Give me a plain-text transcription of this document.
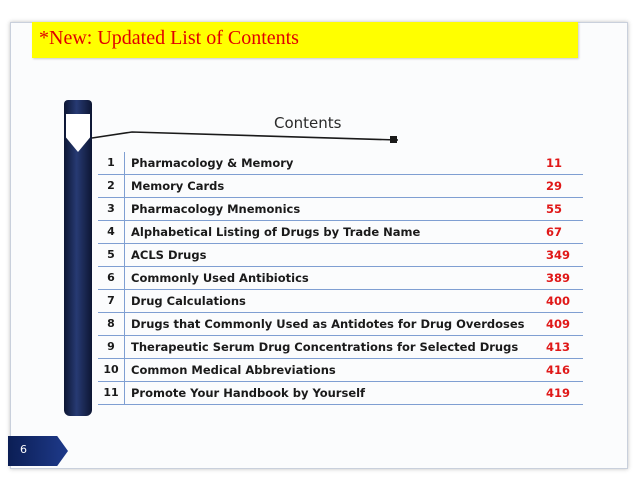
*New: Updated List of Contents
Contents
1	Pharmacology & Memory	11
2	Memory Cards	29
3	Pharmacology Mnemonics	55
4	Alphabetical Listing of Drugs by Trade Name	67
5	ACLS Drugs	349
6	Commonly Used Antibiotics	389
7	Drug Calculations	400
8	Drugs that Commonly Used as Antidotes for Drug Overdoses 409
9	Therapeutic Serum Drug Concentrations for Selected Drugs 413
10	Common Medical Abbreviations	416
11	Promote Your Handbook by Yourself	419
6
